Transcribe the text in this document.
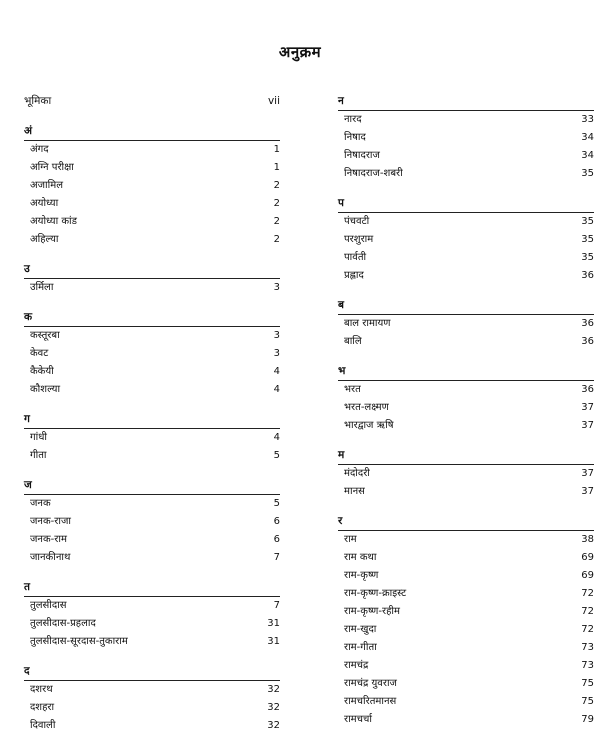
अनुक्रम
भूमिका	vii
अं
अंगद	1
अग्नि परीक्षा	1
अजामिल	2
अयोध्या	2
अयोध्या कांड	2
अहिल्या	2
उ
उर्मिला	3
क
कस्तूरबा	3
केवट	3
कैकेयी	4
कौशल्या	4
ग
गांधी	4
गीता	5
ज
जनक	5
जनक-राजा	6
जनक-राम	6
जानकीनाथ	7
त
तुलसीदास	7
तुलसीदास-प्रहलाद	31
तुलसीदास-सूरदास-तुकाराम	31
द
दशरथ	32
दशहरा	32
दिवाली	32
न
नारद	33
निषाद	34
निषादराज	34
निषादराज-शबरी	35
प
पंचवटी	35
परशुराम	35
पार्वती	35
प्रह्लाद	36
ब
बाल रामायण	36
बालि	36
भ
भरत	36
भरत-लक्ष्मण	37
भारद्वाज ऋषि	37
म
मंदोदरी	37
मानस	37
र
राम	38
राम कथा	69
राम-कृष्ण	69
राम-कृष्ण-क्राइस्ट	72
राम-कृष्ण-रहीम	72
राम-खुदा	72
राम-गीता	73
रामचंद्र	73
रामचंद्र युवराज	75
रामचरितमानस	75
रामचर्चा	79
